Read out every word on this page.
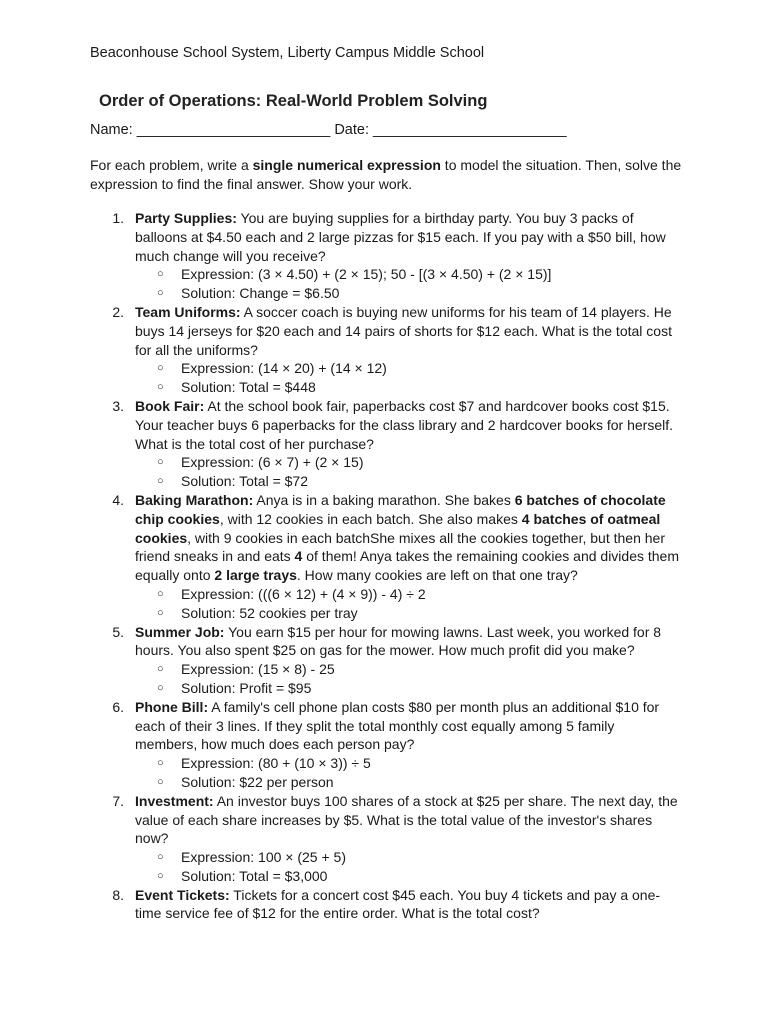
Beaconhouse School System, Liberty Campus Middle School
Order of Operations: Real-World Problem Solving
Name: ________________________ Date: ________________________
For each problem, write a single numerical expression to model the situation. Then, solve the expression to find the final answer. Show your work.
1. Party Supplies: You are buying supplies for a birthday party. You buy 3 packs of balloons at $4.50 each and 2 large pizzas for $15 each. If you pay with a $50 bill, how much change will you receive?
○ Expression: (3 × 4.50) + (2 × 15); 50 - [(3 × 4.50) + (2 × 15)]
○ Solution: Change = $6.50
2. Team Uniforms: A soccer coach is buying new uniforms for his team of 14 players. He buys 14 jerseys for $20 each and 14 pairs of shorts for $12 each. What is the total cost for all the uniforms?
○ Expression: (14 × 20) + (14 × 12)
○ Solution: Total = $448
3. Book Fair: At the school book fair, paperbacks cost $7 and hardcover books cost $15. Your teacher buys 6 paperbacks for the class library and 2 hardcover books for herself. What is the total cost of her purchase?
○ Expression: (6 × 7) + (2 × 15)
○ Solution: Total = $72
4. Baking Marathon: Anya is in a baking marathon. She bakes 6 batches of chocolate chip cookies, with 12 cookies in each batch. She also makes 4 batches of oatmeal cookies, with 9 cookies in each batchShe mixes all the cookies together, but then her friend sneaks in and eats 4 of them! Anya takes the remaining cookies and divides them equally onto 2 large trays. How many cookies are left on that one tray?
○ Expression: (((6 × 12) + (4 × 9)) - 4) ÷ 2
○ Solution: 52 cookies per tray
5. Summer Job: You earn $15 per hour for mowing lawns. Last week, you worked for 8 hours. You also spent $25 on gas for the mower. How much profit did you make?
○ Expression: (15 × 8) - 25
○ Solution: Profit = $95
6. Phone Bill: A family's cell phone plan costs $80 per month plus an additional $10 for each of their 3 lines. If they split the total monthly cost equally among 5 family members, how much does each person pay?
○ Expression: (80 + (10 × 3)) ÷ 5
○ Solution: $22 per person
7. Investment: An investor buys 100 shares of a stock at $25 per share. The next day, the value of each share increases by $5. What is the total value of the investor's shares now?
○ Expression: 100 × (25 + 5)
○ Solution: Total = $3,000
8. Event Tickets: Tickets for a concert cost $45 each. You buy 4 tickets and pay a one-time service fee of $12 for the entire order. What is the total cost?
